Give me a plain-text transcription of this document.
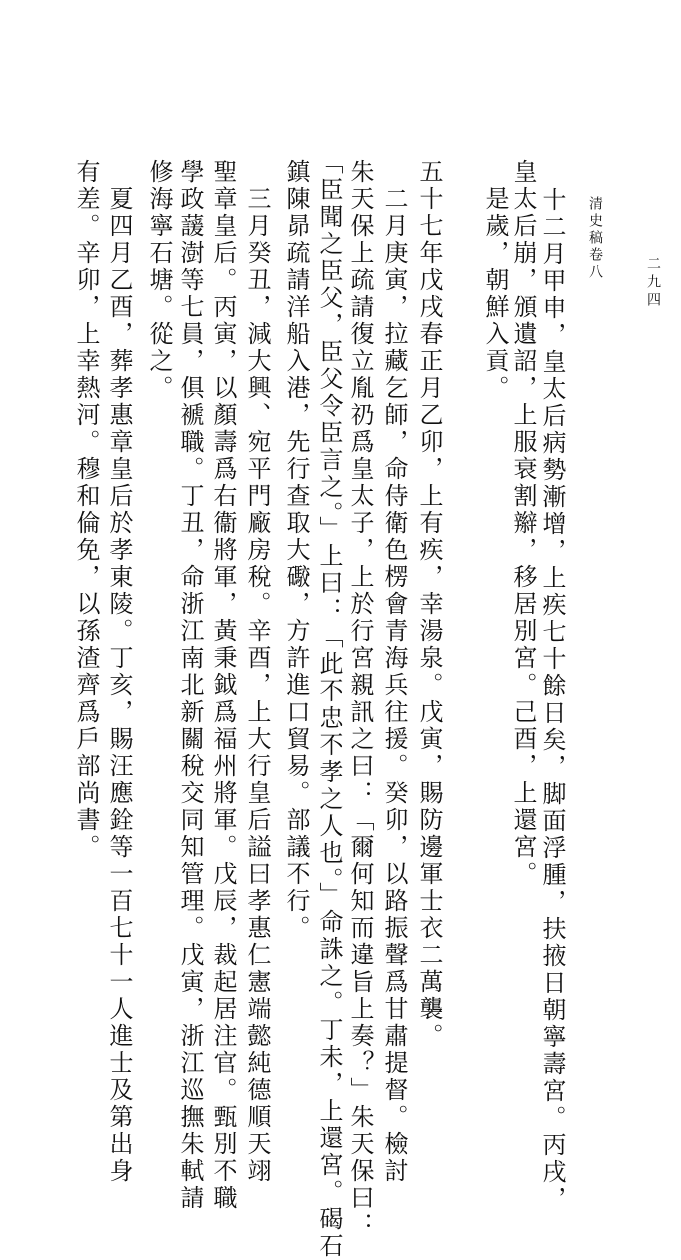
二九四
清史稿卷八
十二月甲申，皇太后病勢漸增，上疾七十餘日矣，脚面浮腫，扶掖日朝寧壽宮。丙戌，
皇太后崩，頒遺詔，上服衰割辮，移居別宮。己酉，上還宮。
是歲，朝鮮入貢。
五十七年戊戌春正月乙卯，上有疾，幸湯泉。戊寅，賜防邊軍士衣二萬襲。
二月庚寅，拉藏乞師，命侍衛色楞會青海兵往援。癸卯，以路振聲爲甘肅提督。檢討
朱天保上疏請復立胤礽爲皇太子，上於行宮親訊之曰：「爾何知而違旨上奏？」朱天保曰：
「臣聞之臣父，臣父令臣言之。」上曰：「此不忠不孝之人也。」命誅之。丁未，上還宮。碣石
鎮陳昴疏請洋船入港，先行查取大礮，方許進口貿易。部議不行。
三月癸丑，減大興、宛平門廠房稅。辛酉，上大行皇后謚曰孝惠仁憲端懿純德順天翊
聖章皇后。丙寅，以顏壽爲右衞將軍，黃秉鉞爲福州將軍。戊辰，裁起居注官。甄別不職
學政蘐澍等七員，俱褫職。丁丑，命浙江南北新關稅交同知管理。戊寅，浙江巡撫朱軾請
修海寧石塘。從之。
夏四月乙酉，葬孝惠章皇后於孝東陵。丁亥，賜汪應銓等一百七十一人進士及第出身
有差。辛卯，上幸熱河。穆和倫免，以孫渣齊爲戶部尚書。
